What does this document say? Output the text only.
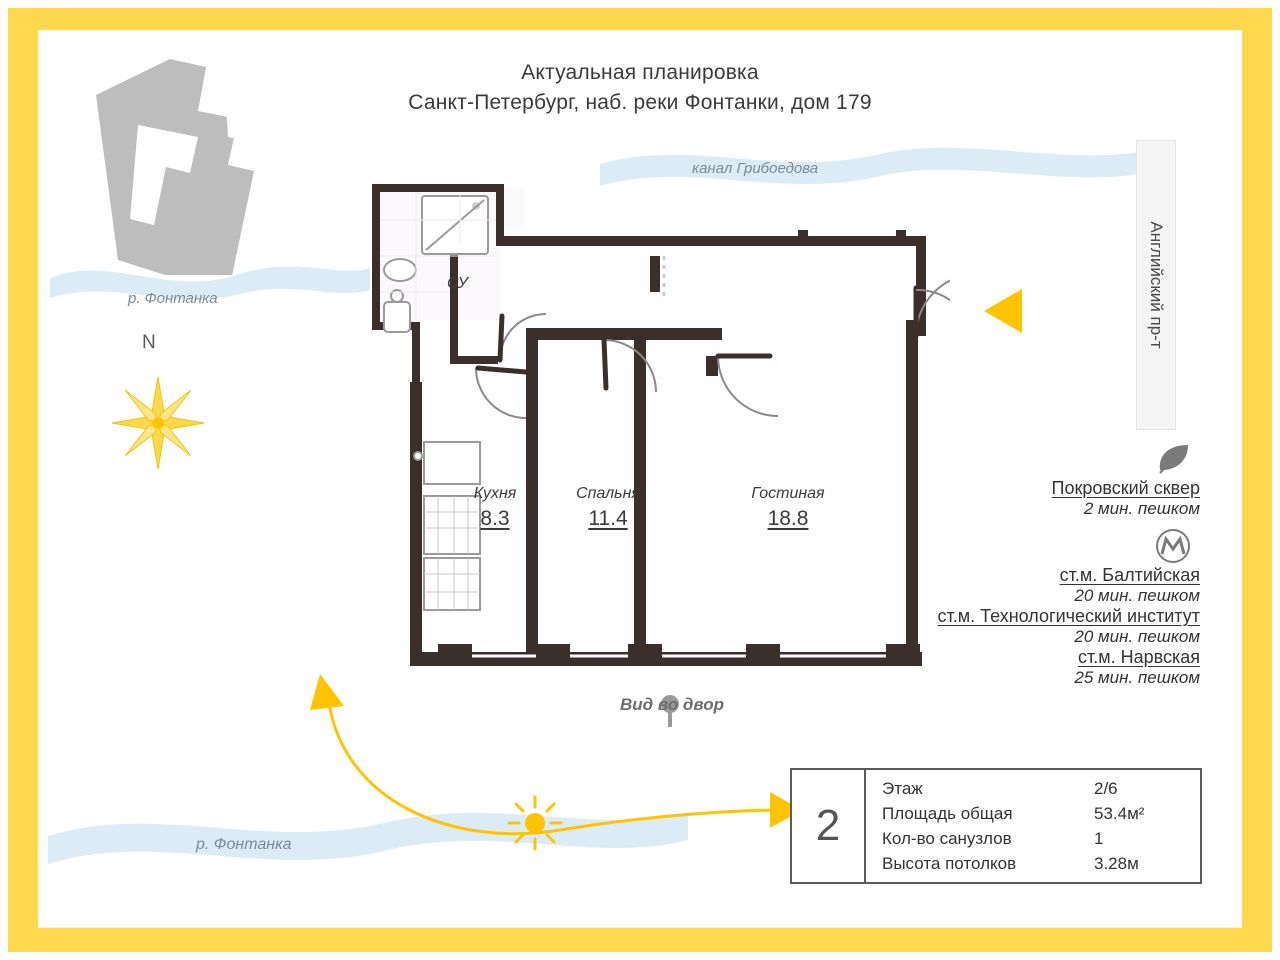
Актуальная планировка
Санкт-Петербург, наб. реки Фонтанки, дом 179
р. Фонтанка
канал Грибоедова
р. Фонтанка
N	Английский пр-т
Кухня
8.3
Спальня
11.4
Гостиная
18.8
СУ
Покровский сквер
2 мин. пешком
ст.м. Балтийская
20 мин. пешком
ст.м. Технологический институт
20 мин. пешком
ст.м. Нарвская
25 мин. пешком
Вид во двор
2
Этаж	2/6
Площадь общая	53.4м²
Кол-во санузлов	1
Высота потолков	3.28м
